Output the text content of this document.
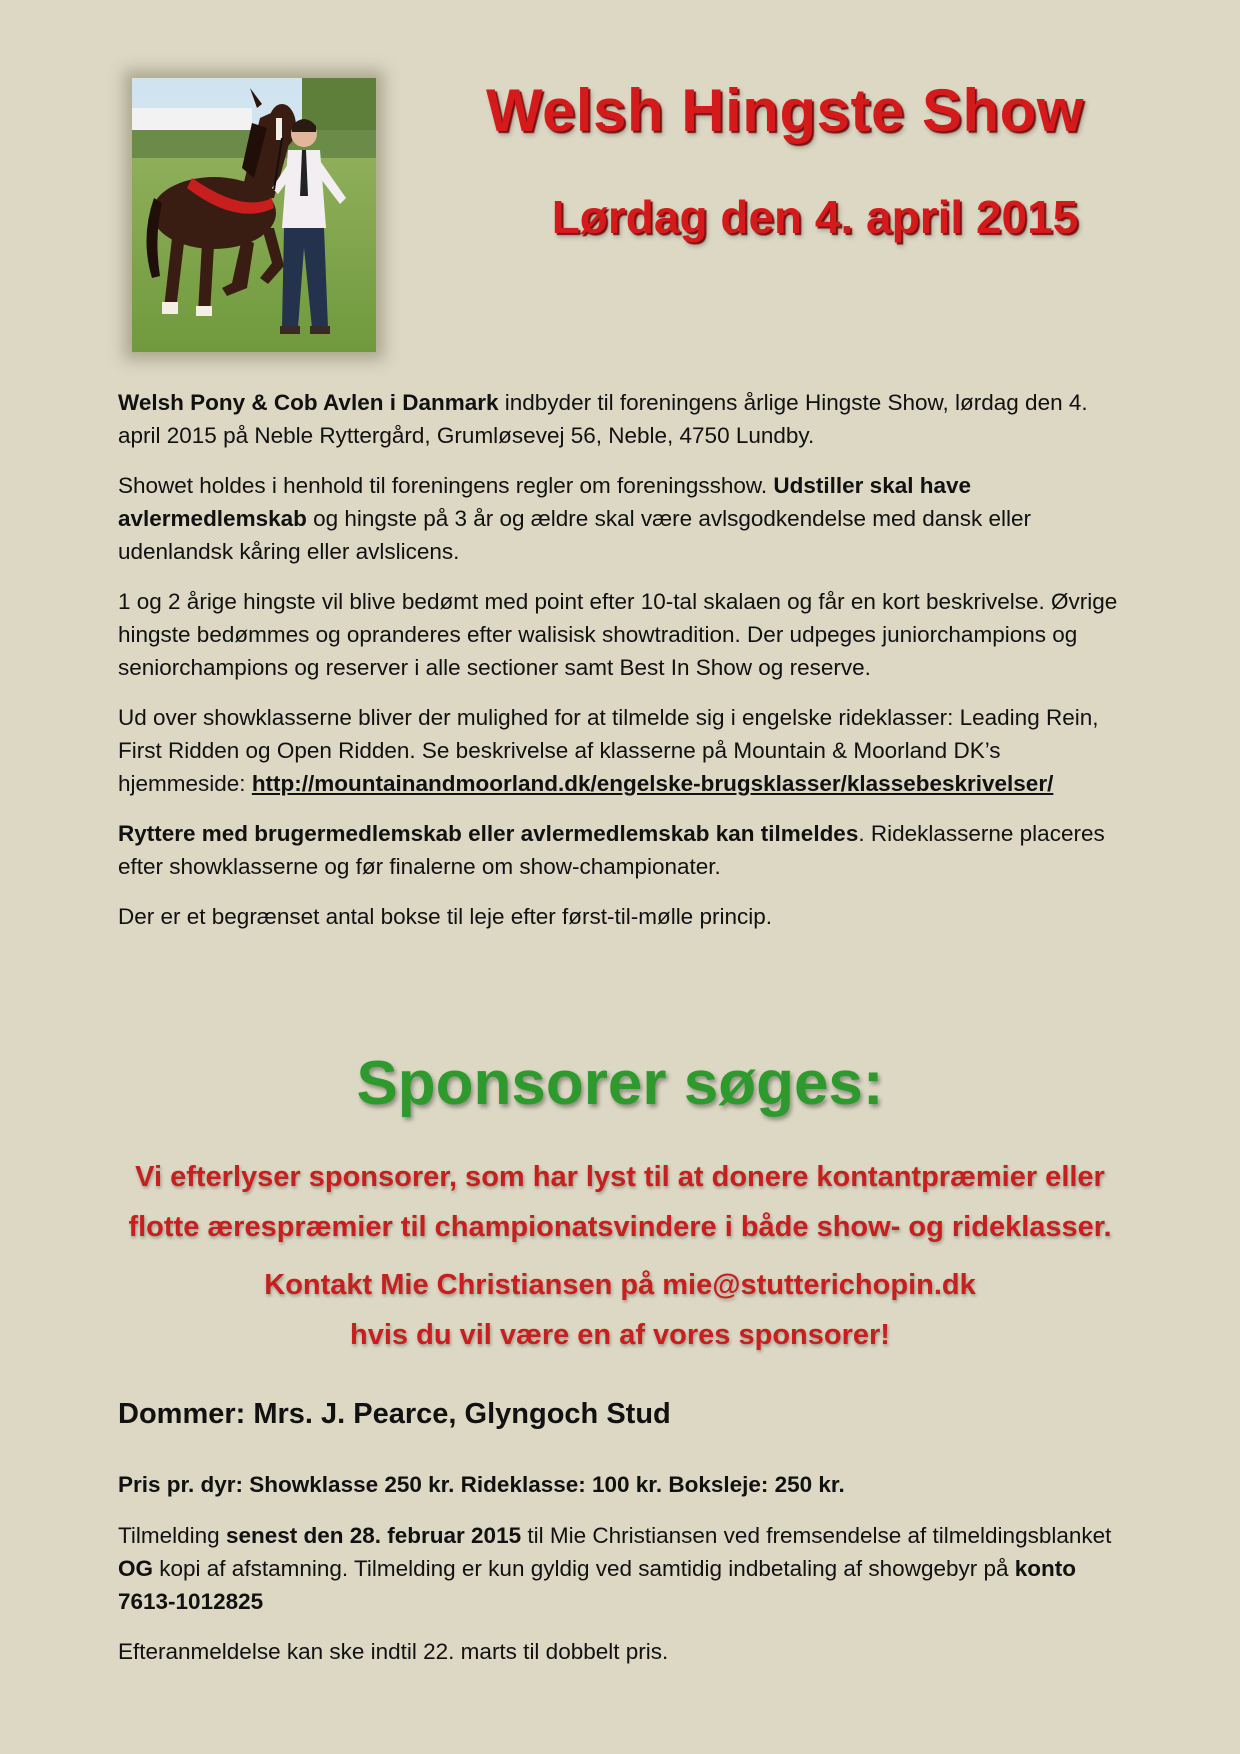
Welsh Hingste Show
Lørdag den 4. april 2015

Welsh Pony & Cob Avlen i Danmark indbyder til foreningens årlige Hingste Show, lørdag den 4. april 2015 på Neble Ryttergård, Grumløsevej 56, Neble, 4750 Lundby.

Showet holdes i henhold til foreningens regler om foreningsshow. Udstiller skal have avlermedlemskab og hingste på 3 år og ældre skal være avlsgodkendelse med dansk eller udenlandsk kåring eller avlslicens.

1 og 2 årige hingste vil blive bedømt med point efter 10-tal skalaen og får en kort beskrivelse. Øvrige hingste bedømmes og opranderes efter walisisk showtradition. Der udpeges juniorchampions og seniorchampions og reserver i alle sectioner samt Best In Show og reserve.

Ud over showklasserne bliver der mulighed for at tilmelde sig i engelske rideklasser: Leading Rein, First Ridden og Open Ridden. Se beskrivelse af klasserne på Mountain & Moorland DK’s hjemmeside: http://mountainandmoorland.dk/engelske-brugsklasser/klassebeskrivelser/

Ryttere med brugermedlemskab eller avlermedlemskab kan tilmeldes. Rideklasserne placeres efter showklasserne og før finalerne om show-championater.

Der er et begrænset antal bokse til leje efter først-til-mølle princip.

Sponsorer søges:
Vi efterlyser sponsorer, som har lyst til at donere kontantpræmier eller
flotte ærespræmier til championatsvindere i både show- og rideklasser.
Kontakt Mie Christiansen på mie@stutterichopin.dk
hvis du vil være en af vores sponsorer!
Dommer: Mrs. J. Pearce, Glyngoch Stud

Pris pr. dyr: Showklasse 250 kr. Rideklasse: 100 kr. Boksleje: 250 kr.

Tilmelding senest den 28. februar 2015 til Mie Christiansen ved fremsendelse af tilmeldingsblanket OG kopi af afstamning. Tilmelding er kun gyldig ved samtidig indbetaling af showgebyr på konto 7613-1012825

Efteranmeldelse kan ske indtil 22. marts til dobbelt pris.
